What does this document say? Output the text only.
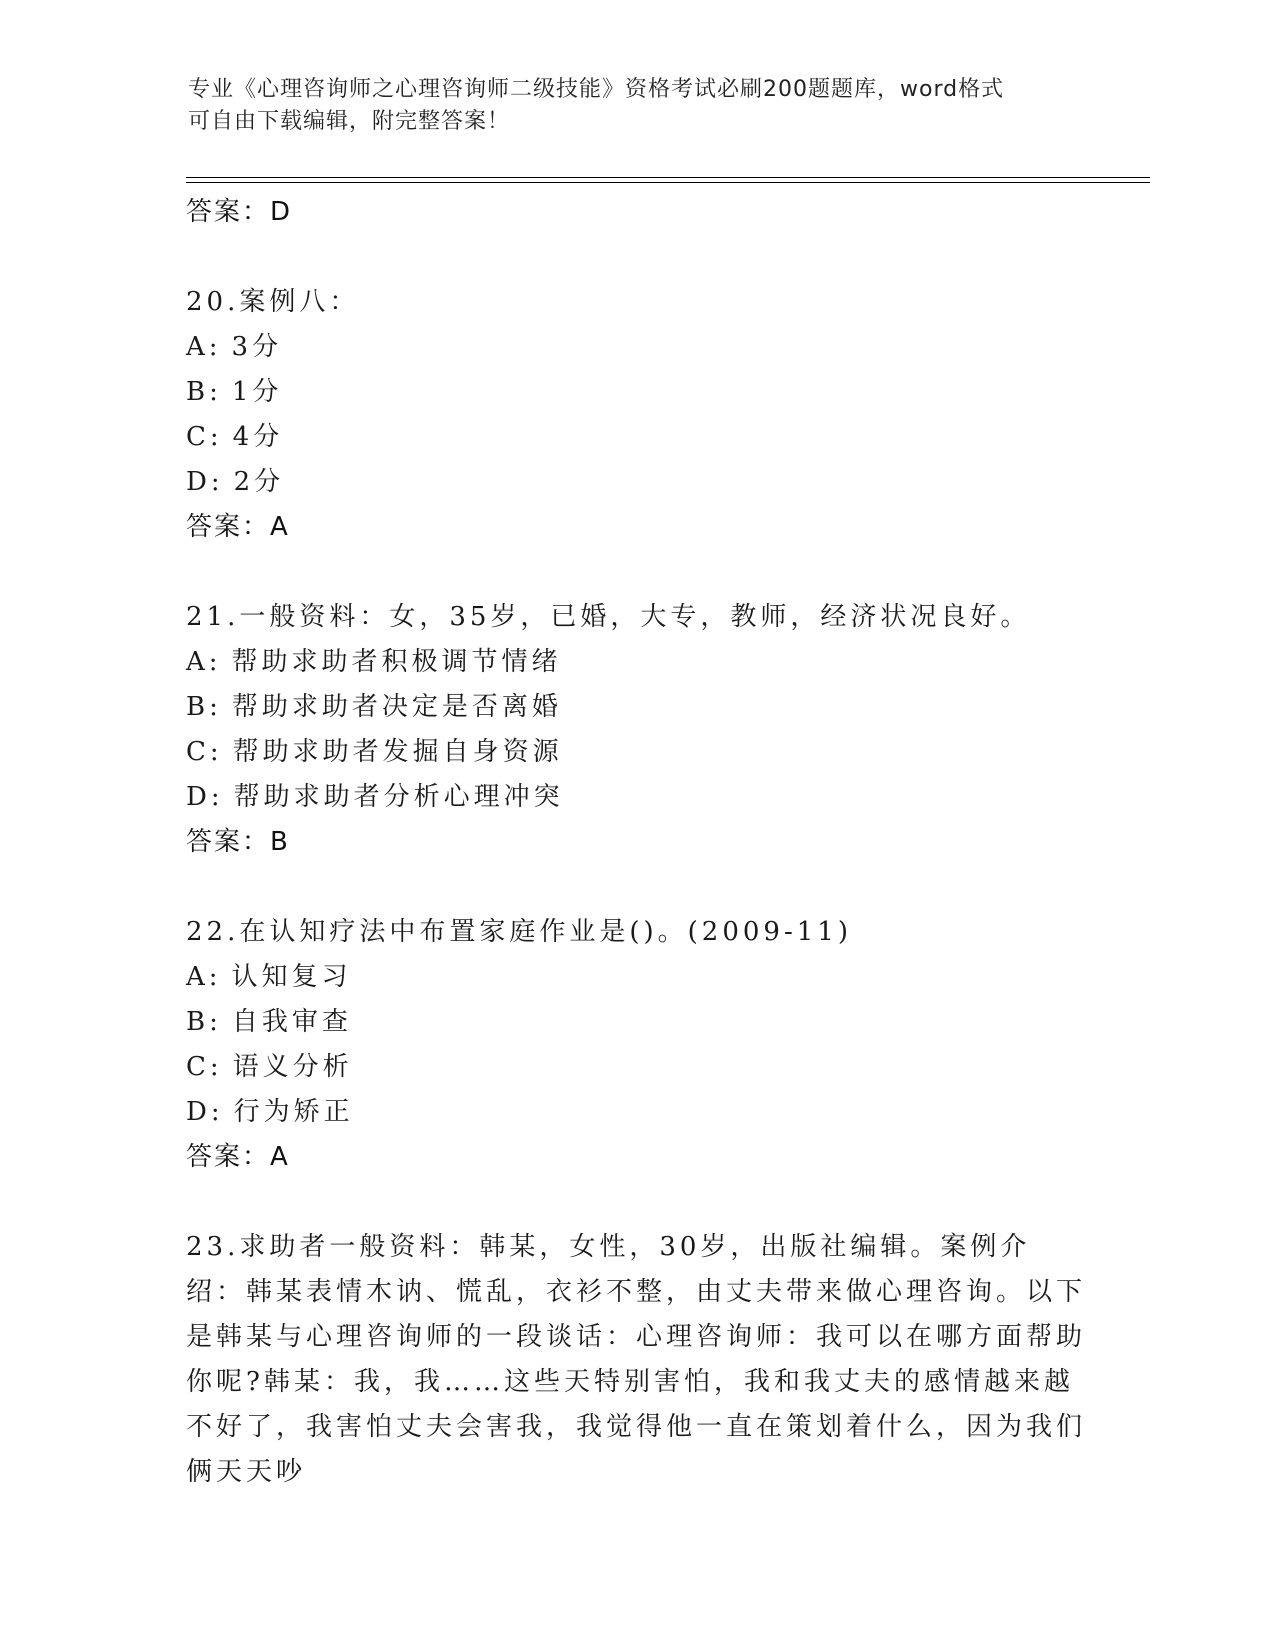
专业《心理咨询师之心理咨询师二级技能》资格考试必刷200题题库，word格式

可自由下载编辑，附完整答案！

答案：D

20.案例八：

A: 3分
B: 1分
C: 4分
D: 2分
答案：A

21.一般资料：女，35岁，已婚，大专，教师，经济状况良好。

A: 帮助求助者积极调节情绪
B: 帮助求助者决定是否离婚
C: 帮助求助者发掘自身资源
D: 帮助求助者分析心理冲突
答案：B

22.在认知疗法中布置家庭作业是()。(2009-11)

A: 认知复习
B: 自我审查
C: 语义分析
D: 行为矫正
答案：A

23.求助者一般资料：韩某，女性，30岁，出版社编辑。案例介绍：韩某表情木讷、慌乱，衣衫不整，由丈夫带来做心理咨询。以下是韩某与心理咨询师的一段谈话：心理咨询师：我可以在哪方面帮助你呢?韩某：我，我……这些天特别害怕，我和我丈夫的感情越来越不好了，我害怕丈夫会害我，我觉得他一直在策划着什么，因为我们俩天天吵
